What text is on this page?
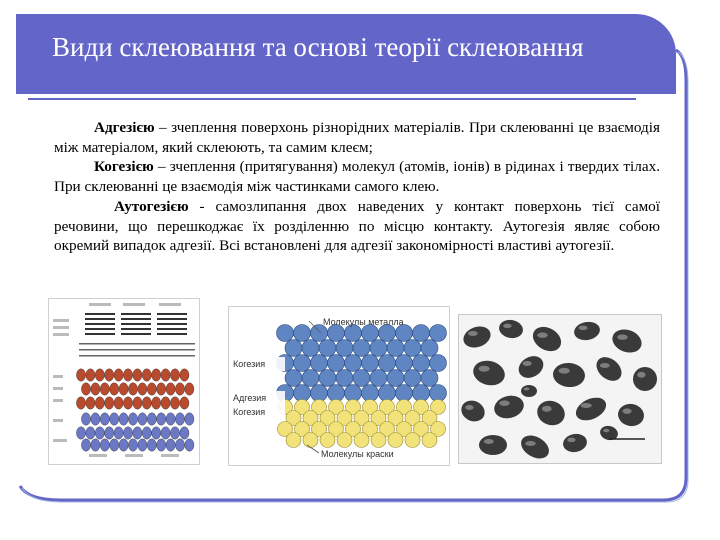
Види склеювання та основі теорії склеювання

Адгезією – зчеплення поверхонь різнорідних матеріалів. При склеюванні це взаємодія між матеріалом, який склеюють, та самим клеєм;

Когезією – зчеплення (притягування) молекул (атомів, іонів) в рідинах і твердих тілах. При склеюванні це взаємодія між частинками самого клею.

Аутогезією - самозлипання двох наведених у контакт поверхонь тієї самої речовини, що перешкоджає їх розділенню по місцю контакту. Аутогезія являє собою окремий випадок адгезії. Всі встановлені для адгезії закономірності властиві аутогезії.

Молекулы металла
Когезия
Адгезия
Когезия
Молекулы краски
